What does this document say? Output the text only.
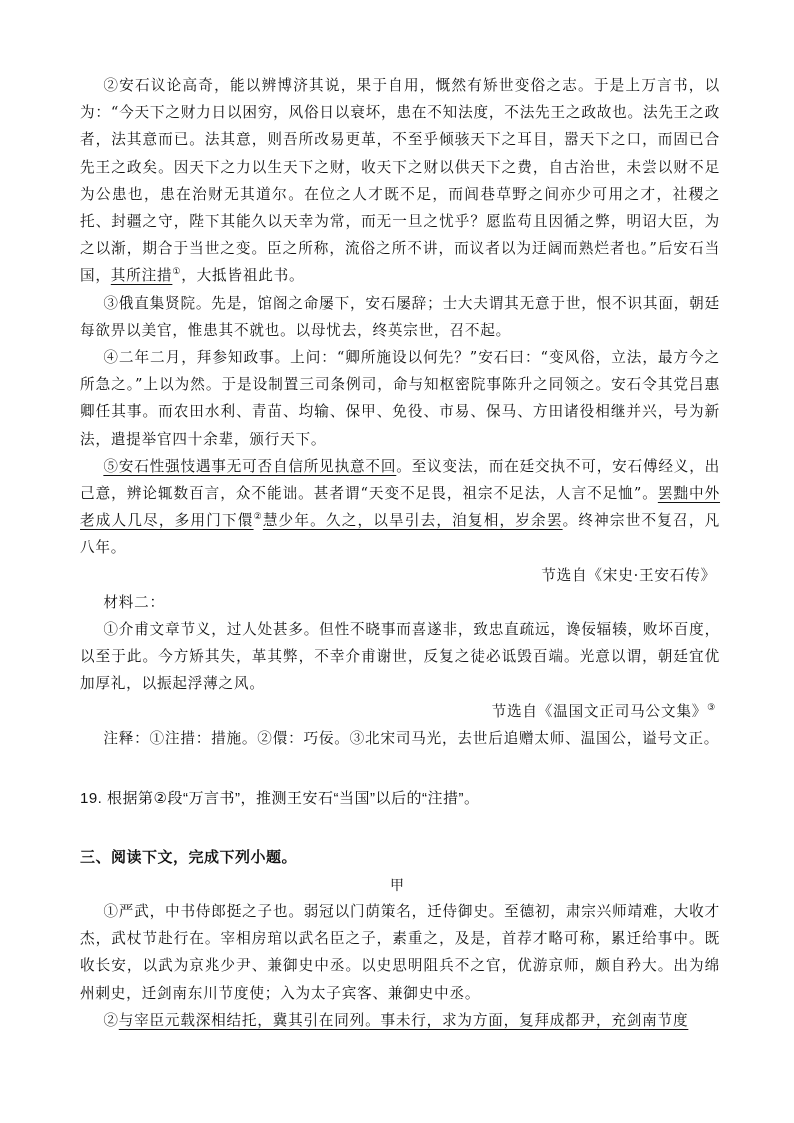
②安石议论高奇，能以辨博济其说，果于自用，慨然有矫世变俗之志。于是上万言书，以为：“今天下之财力日以困穷，风俗日以衰坏，患在不知法度，不法先王之政故也。法先王之政者，法其意而已。法其意，则吾所改易更革，不至乎倾骇天下之耳目，嚣天下之口，而固已合先王之政矣。因天下之力以生天下之财，收天下之财以供天下之费，自古治世，未尝以财不足为公患也，患在治财无其道尔。在位之人才既不足，而闾巷草野之间亦少可用之才，社稷之托、封疆之守，陛下其能久以天幸为常，而无一旦之忧乎？愿监苟且因循之弊，明诏大臣，为之以渐，期合于当世之变。臣之所称，流俗之所不讲，而议者以为迂阔而熟烂者也。”后安石当国，其所注措①，大抵皆祖此书。

③俄直集贤院。先是，馆阁之命屡下，安石屡辞；士大夫谓其无意于世，恨不识其面，朝廷每欲畀以美官，惟患其不就也。以母忧去，终英宗世，召不起。

④二年二月，拜参知政事。上问：“卿所施设以何先？”安石曰：“变风俗，立法，最方今之所急之。”上以为然。于是设制置三司条例司，命与知枢密院事陈升之同领之。安石令其党吕惠卿任其事。而农田水利、青苗、均输、保甲、免役、市易、保马、方田诸役相继并兴，号为新法，遣提举官四十余辈，颁行天下。

⑤安石性强忮遇事无可否自信所见执意不回。至议变法，而在廷交执不可，安石傅经义，出己意，辨论辄数百言，众不能诎。甚者谓“天变不足畏，祖宗不足法，人言不足恤”。罢黜中外老成人几尽，多用门下儇②慧少年。久之，以旱引去，洎复相，岁余罢。终神宗世不复召，凡八年。

节选自《宋史·王安石传》

材料二：

①介甫文章节义，过人处甚多。但性不晓事而喜遂非，致忠直疏远，谗佞辐辏，败坏百度，以至于此。今方矫其失，革其弊，不幸介甫谢世，反复之徒必诋毁百端。光意以谓，朝廷宜优加厚礼，以振起浮薄之风。

节选自《温国文正司马公文集》③

注释：①注措：措施。②儇：巧佞。③北宋司马光，去世后追赠太师、温国公，谥号文正。

19. 根据第②段“万言书”，推测王安石“当国”以后的“注措”。

三、阅读下文，完成下列小题。

甲

①严武，中书侍郎挺之子也。弱冠以门荫策名，迁侍御史。至德初，肃宗兴师靖难，大收才杰，武杖节赴行在。宰相房琯以武名臣之子，素重之，及是，首荐才略可称，累迁给事中。既收长安，以武为京兆少尹、兼御史中丞。以史思明阻兵不之官，优游京师，颇自矜大。出为绵州刺史，迁剑南东川节度使；入为太子宾客、兼御史中丞。

②与宰臣元载深相结托，冀其引在同列。事未行，求为方面，复拜成都尹，充剑南节度
